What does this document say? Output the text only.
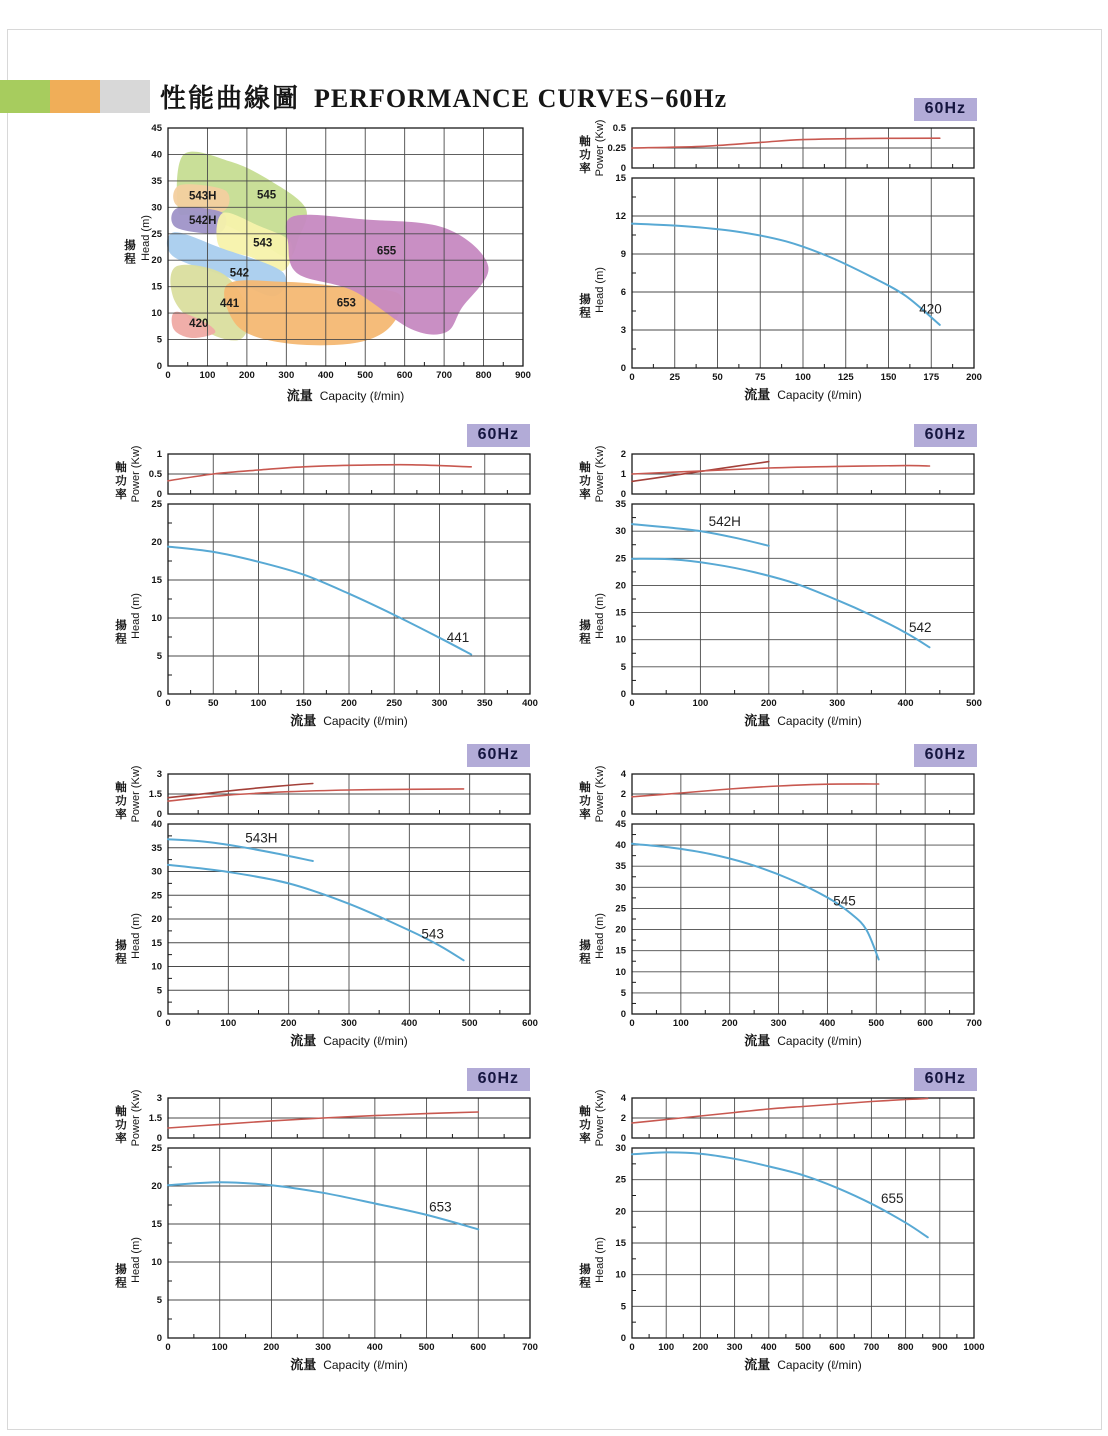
性能曲線圖 PERFORMANCE CURVES−60Hz
0	100 200 300 400 500 600 700 800 900
0
5
10
15
20
25
30
35
40
45
545
543H
542H
543
542
441
420
653
655
揚
程 Head (m)
流量 Capacity (ℓ/min)
0	25	50	75	100	125	150	175	200
0
0.25
0.5
0
3
6
9
12
15
420
軸
功
率 Power (Kw)
揚
程
Head (m)
流量 Capacity (ℓ/min)
60Hz
0	50	100	150	200	250	300	350	400
0
0.5
1
0
5
10
15
20
25
441
軸
功
率 Power (Kw)
揚
程
Head (m)
流量 Capacity (ℓ/min)
60Hz
0	100	200	300	400	500
0
1
2
0
5
10
15
20
25
30
35
542H
542
軸
功
率 Power (Kw)
揚
程
Head (m)
流量 Capacity (ℓ/min)
60Hz
0	100	200	300	400	500	600
0
1.5
3
0
5
10
15
20
25
30
35
40
543H
543
軸
功
率 Power (Kw)
揚
程
Head (m)
流量 Capacity (ℓ/min)
60Hz
0	100	200	300	400	500	600	700
0
2
4
0
5
10
15
20
25
30
35
40
45
545
軸
功
率 Power (Kw)
揚
程
Head (m)
流量 Capacity (ℓ/min)
60Hz
0	100	200	300	400	500	600	700
0
1.5
3
0
5
10
15
20
25
653
軸
功
率 Power (Kw)
揚
程
Head (m)
流量 Capacity (ℓ/min)
60Hz
0 100 200 300 400 500 600 700 800 900 1000
0
2
4
0
5
10
15
20
25
30
655
軸
功
率 Power (Kw)
揚
程
Head (m)
流量 Capacity (ℓ/min)
60Hz
